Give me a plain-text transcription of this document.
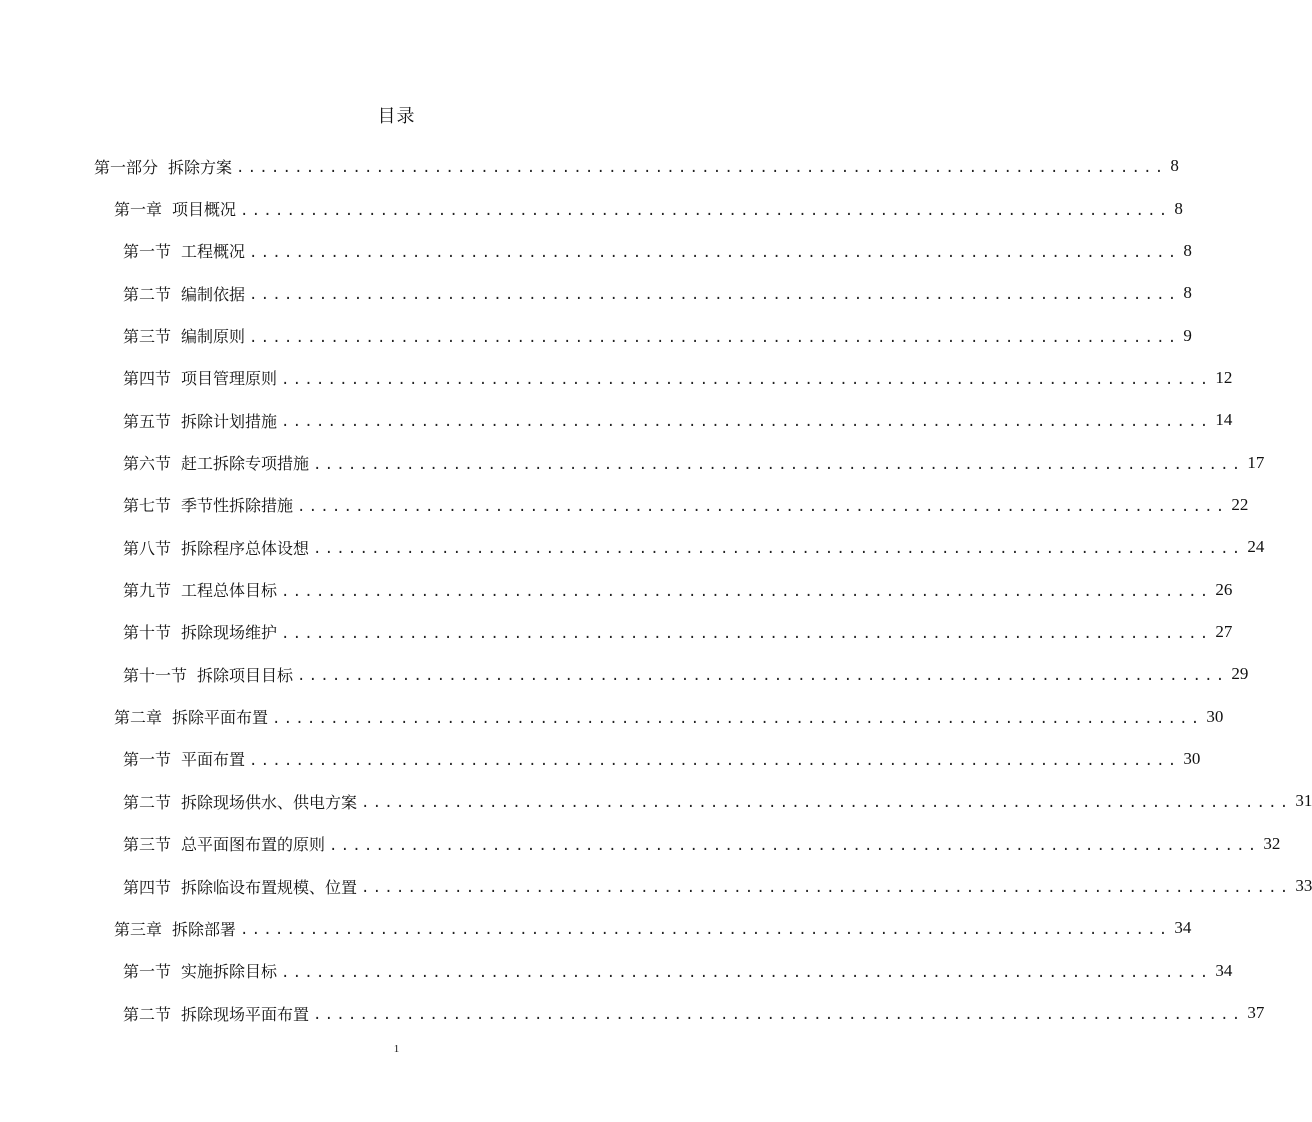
目录
第一部分 拆除方案 ................................................................................ 8
第一章 项目概况 ................................................................................ 8
第一节 工程概况 ................................................................................ 8
第二节 编制依据 ................................................................................ 8
第三节 编制原则 ................................................................................ 9
第四节 项目管理原则 ................................................................................ 12
第五节 拆除计划措施 ................................................................................ 14
第六节 赶工拆除专项措施 ................................................................................ 17
第七节 季节性拆除措施 ................................................................................ 22
第八节 拆除程序总体设想 ................................................................................ 24
第九节 工程总体目标 ................................................................................ 26
第十节 拆除现场维护 ................................................................................ 27
第十一节 拆除项目目标 ................................................................................ 29
第二章 拆除平面布置 ................................................................................ 30
第一节 平面布置 ................................................................................ 30
第二节 拆除现场供水、供电方案 ................................................................................ 31
第三节 总平面图布置的原则 ................................................................................ 32
第四节 拆除临设布置规模、位置 ................................................................................ 33
第三章 拆除部署 ................................................................................ 34
第一节 实施拆除目标 ................................................................................ 34
第二节 拆除现场平面布置 ................................................................................ 37
1
